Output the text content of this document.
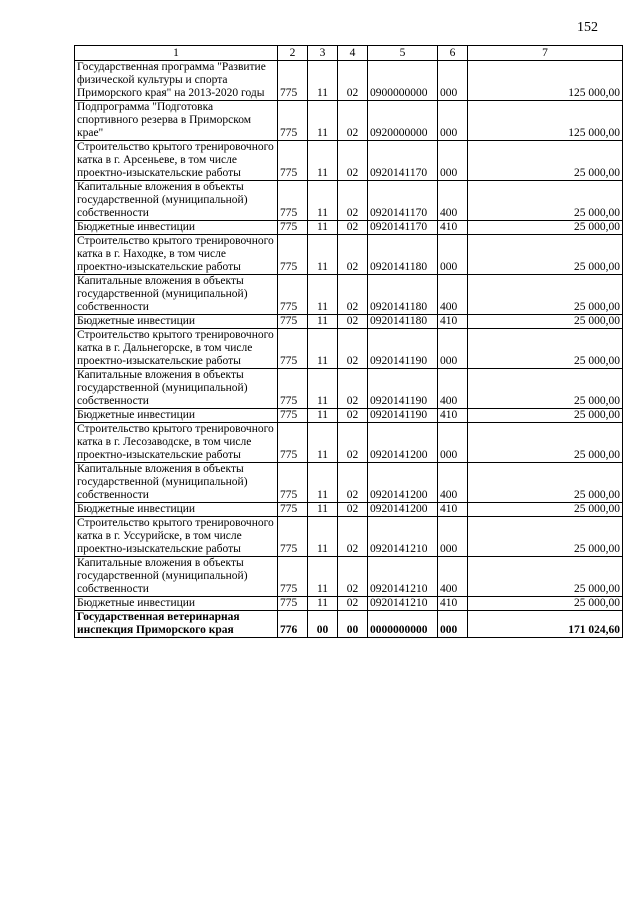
152
1	2	3	4	5	6	7
Государственная программа "Развитие физической культуры и спорта Приморского края" на 2013-2020 годы	775	11	02	0900000000	000	125 000,00
Подпрограмма "Подготовка спортивного резерва в Приморском крае"	775	11	02	0920000000	000	125 000,00
Строительство крытого тренировочного катка в г. Арсеньеве, в том числе проектно-изыскательские работы	775	11	02	0920141170	000	25 000,00
Капитальные вложения в объекты государственной (муниципальной) собственности	775	11	02	0920141170	400	25 000,00
Бюджетные инвестиции	775	11	02	0920141170	410	25 000,00
Строительство крытого тренировочного катка в г. Находке, в том числе проектно-изыскательские работы	775	11	02	0920141180	000	25 000,00
Капитальные вложения в объекты государственной (муниципальной) собственности	775	11	02	0920141180	400	25 000,00
Бюджетные инвестиции	775	11	02	0920141180	410	25 000,00
Строительство крытого тренировочного катка в г. Дальнегорске, в том числе проектно-изыскательские работы	775	11	02	0920141190	000	25 000,00
Капитальные вложения в объекты государственной (муниципальной) собственности	775	11	02	0920141190	400	25 000,00
Бюджетные инвестиции	775	11	02	0920141190	410	25 000,00
Строительство крытого тренировочного катка в г. Лесозаводске, в том числе проектно-изыскательские работы	775	11	02	0920141200	000	25 000,00
Капитальные вложения в объекты государственной (муниципальной) собственности	775	11	02	0920141200	400	25 000,00
Бюджетные инвестиции	775	11	02	0920141200	410	25 000,00
Строительство крытого тренировочного катка в г. Уссурийске, в том числе проектно-изыскательские работы	775	11	02	0920141210	000	25 000,00
Капитальные вложения в объекты государственной (муниципальной) собственности	775	11	02	0920141210	400	25 000,00
Бюджетные инвестиции	775	11	02	0920141210	410	25 000,00
Государственная ветеринарная инспекция Приморского края	776	00	00	0000000000	000	171 024,60
